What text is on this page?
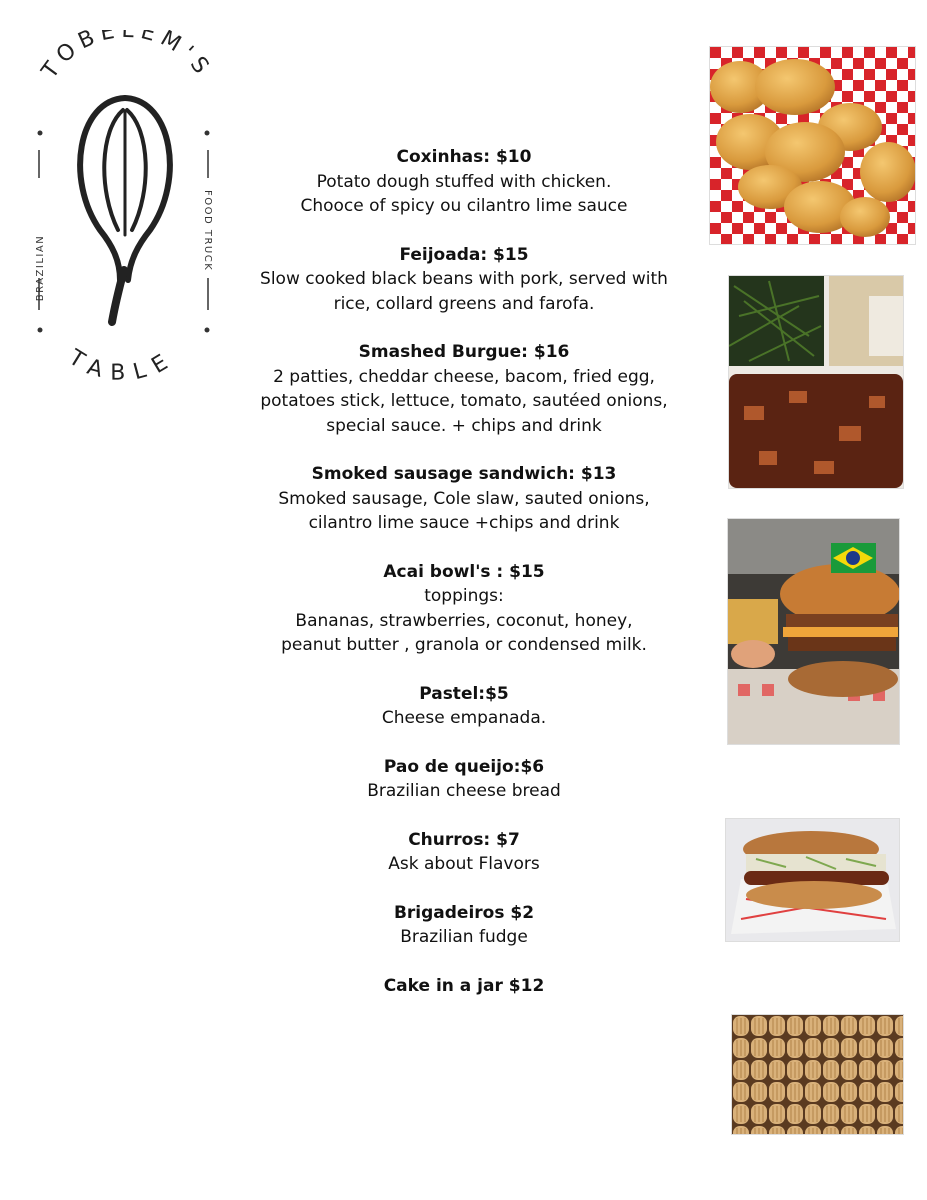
TOBELEM'S
TABLE
BRAZILIAN	FOOD TRUCK
Coxinhas: $10
Potato dough stuffed with chicken.
Chooce of spicy ou cilantro lime sauce
Feijoada: $15
Slow cooked black beans with pork, served with
rice, collard greens and farofa.
Smashed Burgue: $16
2 patties, cheddar cheese, bacom, fried egg,
potatoes stick, lettuce, tomato, sautéed onions,
special sauce. + chips and drink
Smoked sausage sandwich: $13
Smoked sausage, Cole slaw, sauted onions,
cilantro lime sauce +chips and drink
Acai bowl's : $15
toppings:
Bananas, strawberries, coconut, honey,
peanut butter , granola or condensed milk.
Pastel:$5
Cheese empanada.
Pao de queijo:$6
Brazilian cheese bread
Churros: $7
Ask about Flavors
Brigadeiros $2
Brazilian fudge
Cake in a jar $12
